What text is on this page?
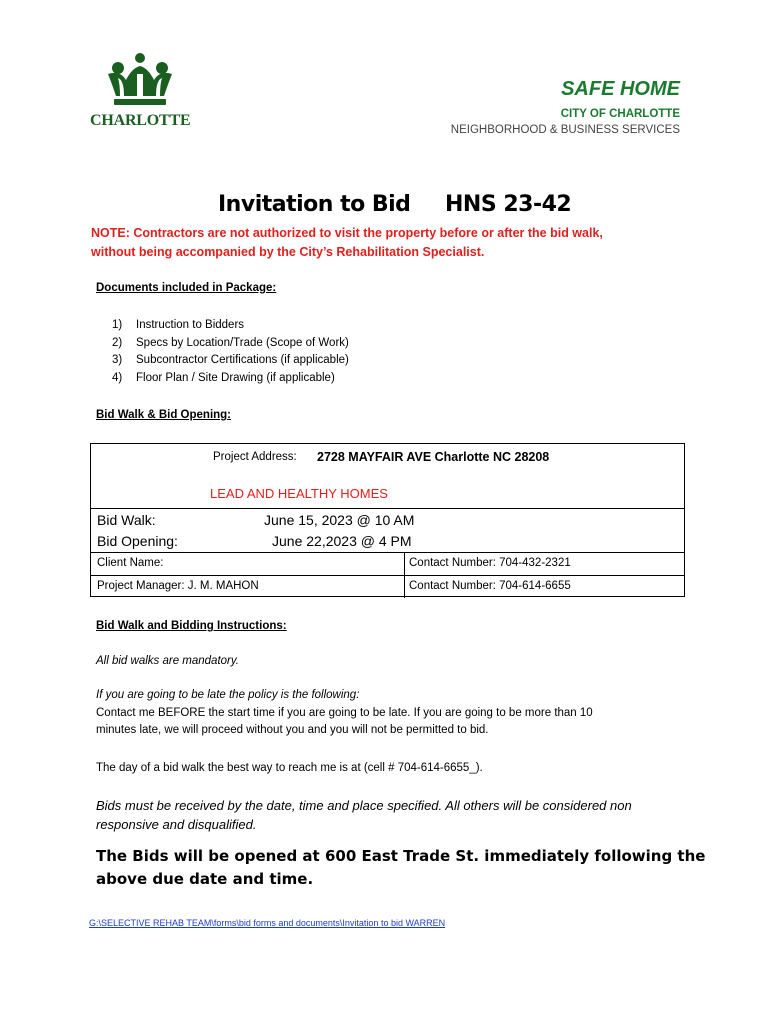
CHARLOTTE
SAFE HOME
CITY OF CHARLOTTE
NEIGHBORHOOD & BUSINESS SERVICES
Invitation to Bid HNS 23-42
NOTE: Contractors are not authorized to visit the property before or after the bid walk,
without being accompanied by the City’s Rehabilitation Specialist.
Documents included in Package:
1) Instruction to Bidders
2) Specs by Location/Trade (Scope of Work)
3) Subcontractor Certifications (if applicable)
4) Floor Plan / Site Drawing (if applicable)
Bid Walk & Bid Opening:
Project Address: 2728 MAYFAIR AVE Charlotte NC 28208
LEAD AND HEALTHY HOMES
Bid Walk:	June 15, 2023 @ 10 AM
Bid Opening:	June 22,2023 @ 4 PM
Client Name:	Contact Number: 704-432-2321
Project Manager: J. M. MAHON	Contact Number: 704-614-6655
Bid Walk and Bidding Instructions:
All bid walks are mandatory.
If you are going to be late the policy is the following:
Contact me BEFORE the start time if you are going to be late. If you are going to be more than 10
minutes late, we will proceed without you and you will not be permitted to bid.
The day of a bid walk the best way to reach me is at (cell # 704-614-6655_).
Bids must be received by the date, time and place specified. All others will be considered non
responsive and disqualified.
The Bids will be opened at 600 East Trade St. immediately following the
above due date and time.
G:\SELECTIVE REHAB TEAM\forms\bid forms and documents\Invitation to bid WARREN
